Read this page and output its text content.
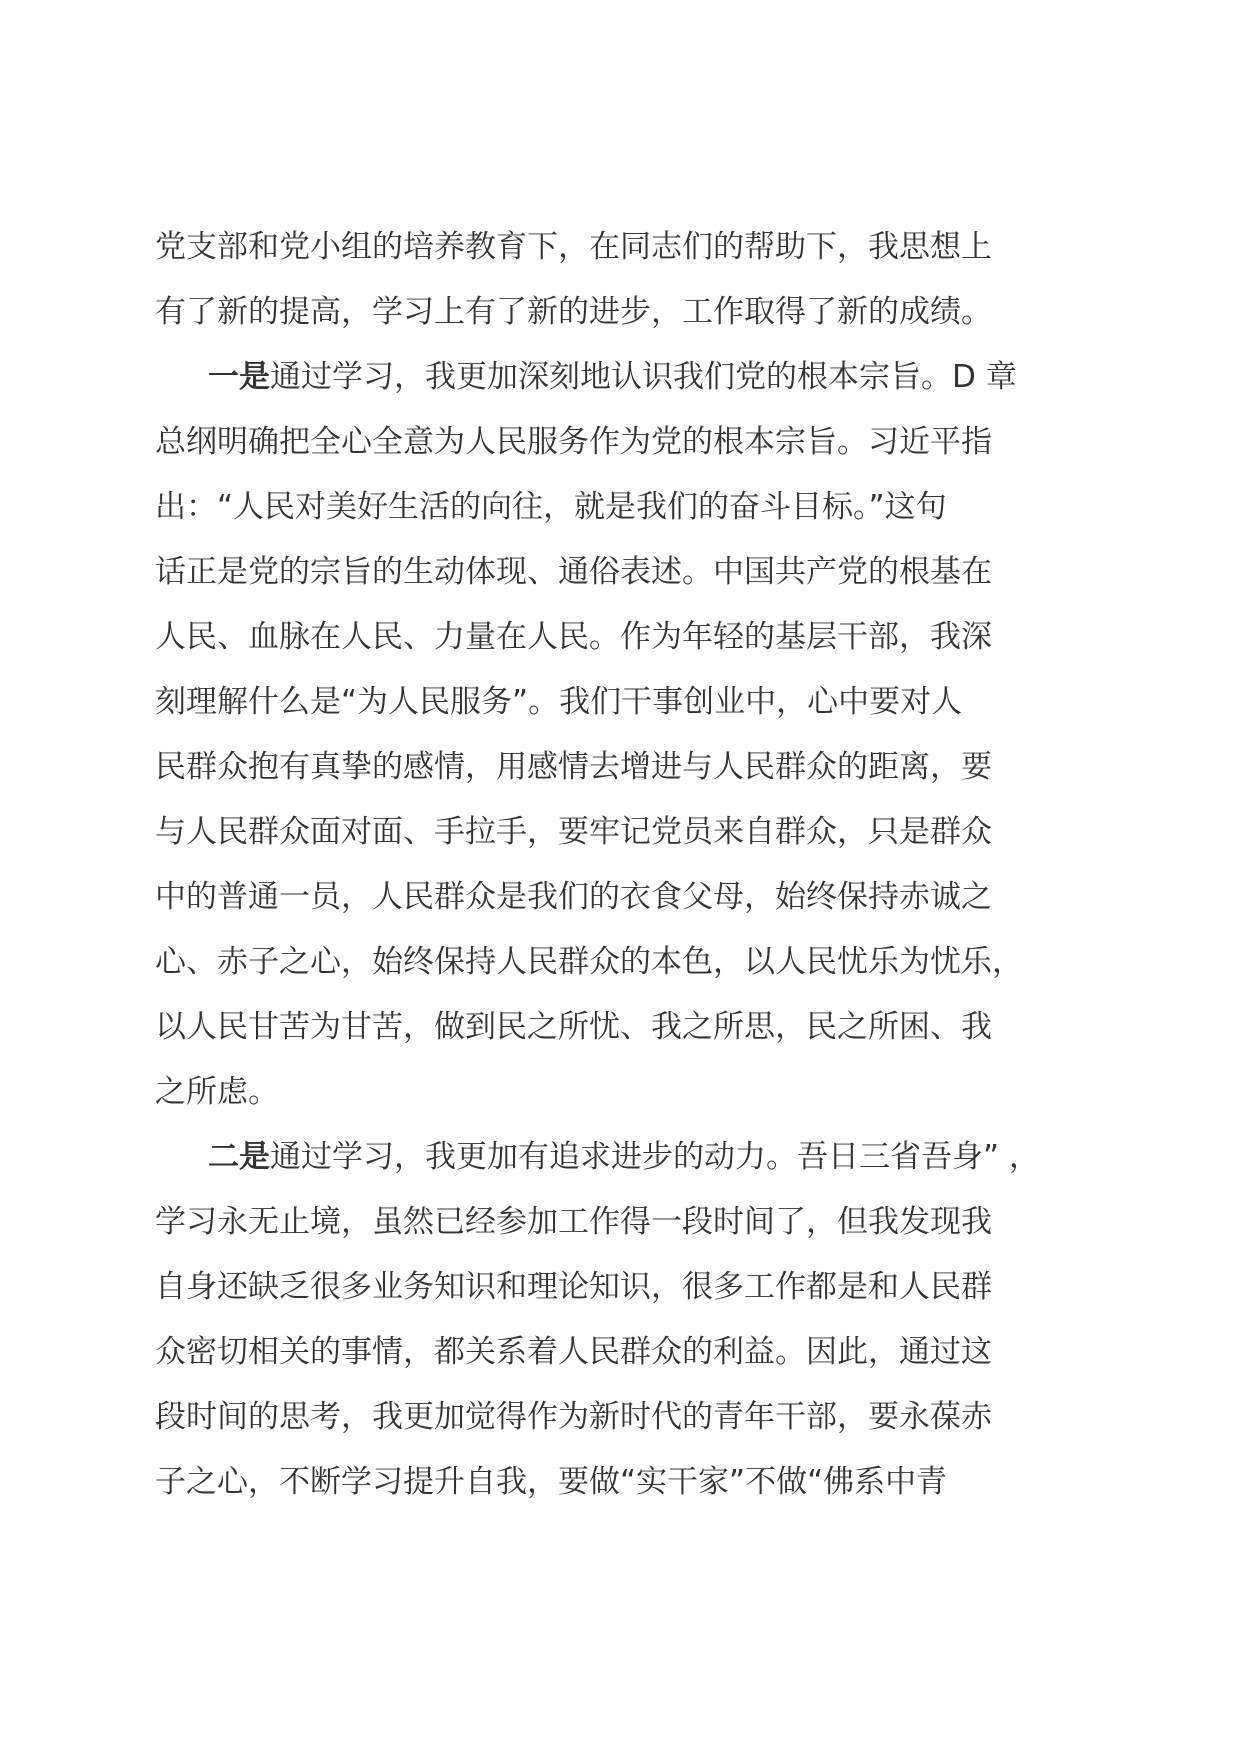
党支部和党小组的培养教育下，在同志们的帮助下，我思想上
有了新的提高，学习上有了新的进步，工作取得了新的成绩。
一是通过学习，我更加深刻地认识我们党的根本宗旨。D 章
总纲明确把全心全意为人民服务作为党的根本宗旨。习近平指
出：“人民对美好生活的向往，就是我们的奋斗目标。”这句
话正是党的宗旨的生动体现、通俗表述。中国共产党的根基在
人民、血脉在人民、力量在人民。作为年轻的基层干部，我深
刻理解什么是“为人民服务”。我们干事创业中，心中要对人
民群众抱有真挚的感情，用感情去增进与人民群众的距离，要
与人民群众面对面、手拉手，要牢记党员来自群众，只是群众
中的普通一员，人民群众是我们的衣食父母，始终保持赤诚之
心、赤子之心，始终保持人民群众的本色，以人民忧乐为忧乐，
以人民甘苦为甘苦，做到民之所忧、我之所思，民之所困、我
之所虑。
二是通过学习，我更加有追求进步的动力。吾日三省吾身” ，
学习永无止境，虽然已经参加工作得一段时间了，但我发现我
自身还缺乏很多业务知识和理论知识，很多工作都是和人民群
众密切相关的事情，都关系着人民群众的利益。因此，通过这
段时间的思考，我更加觉得作为新时代的青年干部，要永葆赤
子之心，不断学习提升自我，要做“实干家”不做“佛系中青
